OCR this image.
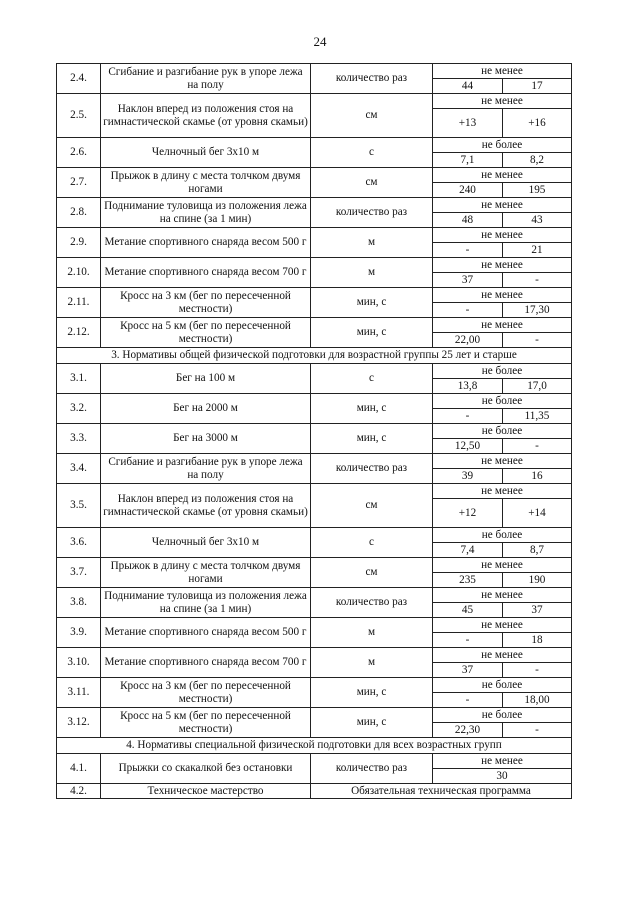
24
2.4.	Сгибание и разгибание рук в упоре лежа на полу	количество раз	не менее	
			44	17
2.5.	Наклон вперед из положения стоя на гимнастической скамье (от уровня скамьи)	см	не менее	
			+13	+16
2.6.	Челночный бег 3х10 м	с	не более	
			7,1	8,2
2.7.	Прыжок в длину с места толчком двумя ногами	см	не менее	
			240	195
2.8.	Поднимание туловища из положения лежа на спине (за 1 мин)	количество раз	не менее	
			48	43
2.9.	Метание спортивного снаряда весом 500 г	м	не менее	
			-	21
2.10.	Метание спортивного снаряда весом 700 г	м	не менее	
			37	-
2.11.	Кросс на 3 км (бег по пересеченной местности)	мин, с	не менее	
			-	17,30
2.12.	Кросс на 5 км (бег по пересеченной местности)	мин, с	не менее	
			22,00	-
3. Нормативы общей физической подготовки для возрастной группы 25 лет и старше				
3.1.	Бег на 100 м	с	не более	
			13,8	17,0
3.2.	Бег на 2000 м	мин, с	не более	
			-	11,35
3.3.	Бег на 3000 м	мин, с	не более	
			12,50	-
3.4.	Сгибание и разгибание рук в упоре лежа на полу	количество раз	не менее	
			39	16
3.5.	Наклон вперед из положения стоя на гимнастической скамье (от уровня скамьи)	см	не менее	
			+12	+14
3.6.	Челночный бег 3х10 м	с	не более	
			7,4	8,7
3.7.	Прыжок в длину с места толчком двумя ногами	см	не менее	
			235	190
3.8.	Поднимание туловища из положения лежа на спине (за 1 мин)	количество раз	не менее	
			45	37
3.9.	Метание спортивного снаряда весом 500 г	м	не менее	
			-	18
3.10.	Метание спортивного снаряда весом 700 г	м	не менее	
			37	-
3.11.	Кросс на 3 км (бег по пересеченной местности)	мин, с	не более	
			-	18,00
3.12.	Кросс на 5 км (бег по пересеченной местности)	мин, с	не более	
			22,30	-
4. Нормативы специальной физической подготовки для всех возрастных групп				
4.1.	Прыжки со скакалкой без остановки	количество раз	не менее	
			30	
4.2.	Техническое мастерство	Обязательная техническая программа		
